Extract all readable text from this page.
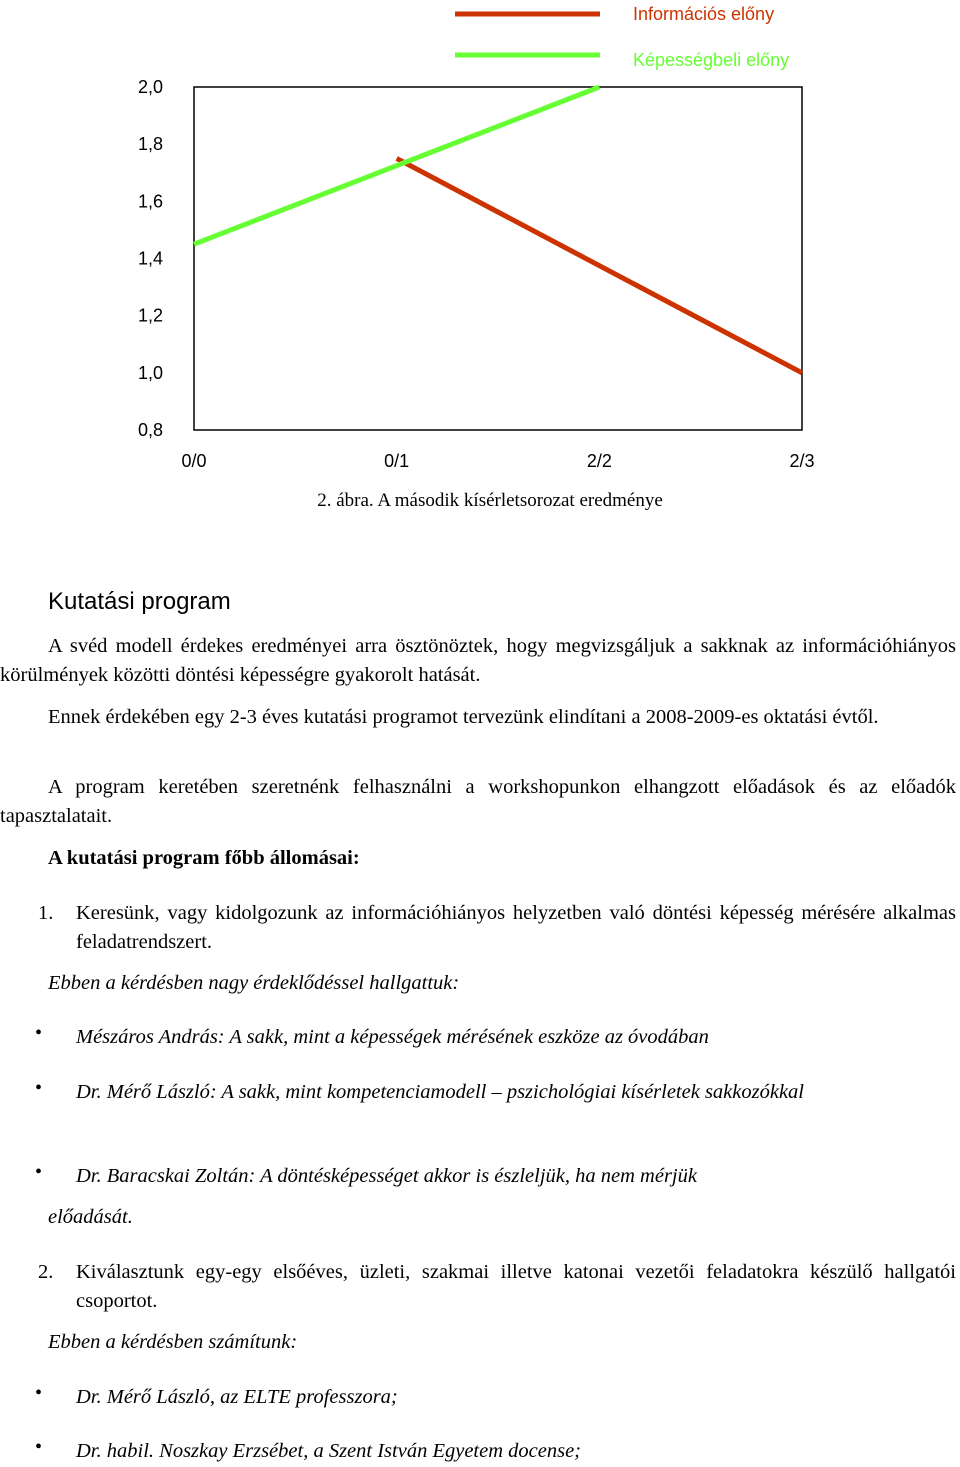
2,0
1,8
1,6
1,4
1,2
1,0
0,8
0/0	0/1	2/2	2/3
Információs előny
Képességbeli előny
2. ábra. A második kísérletsorozat eredménye
Kutatási program
A svéd modell érdekes eredményei arra ösztönöztek, hogy megvizsgáljuk a sakknak az információhiányos körülmények közötti döntési képességre gyakorolt hatását.
Ennek érdekében egy 2-3 éves kutatási programot tervezünk elindítani a 2008-2009-es oktatási évtől.
A program keretében szeretnénk felhasználni a workshopunkon elhangzott előadások és az előadók tapasztalatait.
A kutatási program főbb állomásai:
1. Keresünk, vagy kidolgozunk az információhiányos helyzetben való döntési képesség mérésére alkalmas feladatrendszert.
Ebben a kérdésben nagy érdeklődéssel hallgattuk:
• Mészáros András: A sakk, mint a képességek mérésének eszköze az óvodában
• Dr. Mérő László: A sakk, mint kompetenciamodell – pszichológiai kísérletek sakkozókkal
• Dr. Baracskai Zoltán: A döntésképességet akkor is észleljük, ha nem mérjük
előadását.
2. Kiválasztunk egy-egy elsőéves, üzleti, szakmai illetve katonai vezetői feladatokra készülő hallgatói csoportot.
Ebben a kérdésben számítunk:
• Dr. Mérő László, az ELTE professzora;
• Dr. habil. Noszkay Erzsébet, a Szent István Egyetem docense;
